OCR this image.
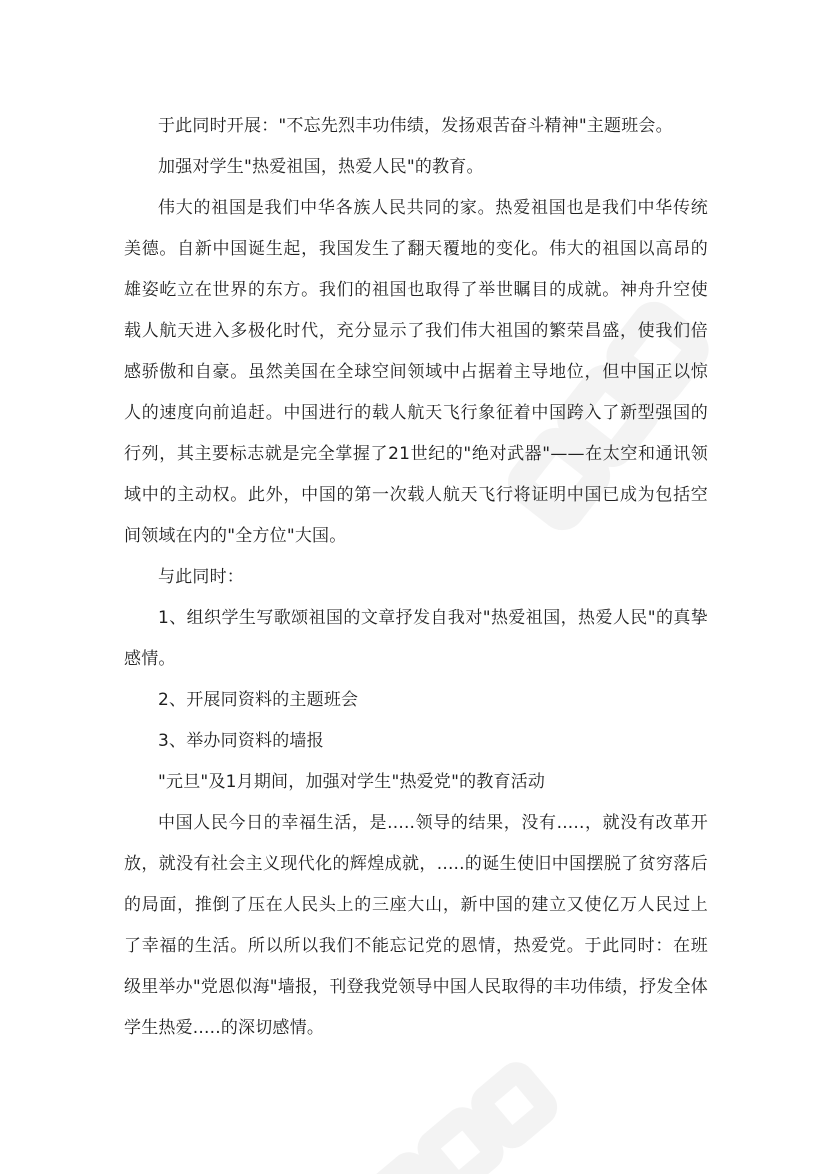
于此同时开展："不忘先烈丰功伟绩，发扬艰苦奋斗精神"主题班会。

加强对学生"热爱祖国，热爱人民"的教育。

伟大的祖国是我们中华各族人民共同的家。热爱祖国也是我们中华传统美德。自新中国诞生起，我国发生了翻天覆地的变化。伟大的祖国以高昂的雄姿屹立在世界的东方。我们的祖国也取得了举世瞩目的成就。神舟升空使载人航天进入多极化时代，充分显示了我们伟大祖国的繁荣昌盛，使我们倍感骄傲和自豪。虽然美国在全球空间领域中占据着主导地位，但中国正以惊人的速度向前追赶。中国进行的载人航天飞行象征着中国跨入了新型强国的行列，其主要标志就是完全掌握了21世纪的"绝对武器"——在太空和通讯领域中的主动权。此外，中国的第一次载人航天飞行将证明中国已成为包括空间领域在内的"全方位"大国。

与此同时：

1、组织学生写歌颂祖国的文章抒发自我对"热爱祖国，热爱人民"的真挚感情。

2、开展同资料的主题班会

3、举办同资料的墙报

"元旦"及1月期间，加强对学生"热爱党"的教育活动

中国人民今日的幸福生活，是.....领导的结果，没有.....，就没有改革开放，就没有社会主义现代化的辉煌成就，.....的诞生使旧中国摆脱了贫穷落后的局面，推倒了压在人民头上的三座大山，新中国的建立又使亿万人民过上了幸福的生活。所以所以我们不能忘记党的恩情，热爱党。于此同时：在班级里举办"党恩似海"墙报，刊登我党领导中国人民取得的丰功伟绩，抒发全体学生热爱.....的深切感情。
